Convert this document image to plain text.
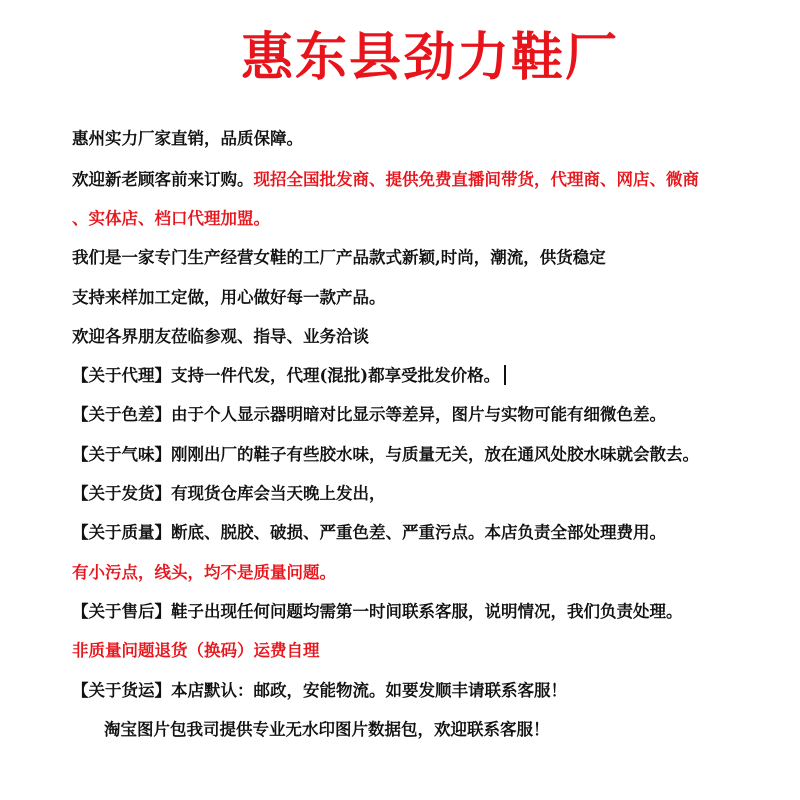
惠东县劲力鞋厂
惠州实力厂家直销，品质保障。
欢迎新老顾客前来订购。现招全国批发商、提供免费直播间带货，代理商、网店、微商
、实体店、档口代理加盟。
我们是一家专门生产经营女鞋的工厂产品款式新颖,时尚，潮流，供货稳定
支持来样加工定做，用心做好每一款产品。
欢迎各界朋友莅临参观、指导、业务洽谈
【关于代理】支持一件代发，代理(混批)都享受批发价格。
【关于色差】由于个人显示器明暗对比显示等差异，图片与实物可能有细微色差。
【关于气味】刚刚出厂的鞋子有些胶水味，与质量无关，放在通风处胶水味就会散去。
【关于发货】有现货仓库会当天晚上发出，
【关于质量】断底、脱胶、破损、严重色差、严重污点。本店负责全部处理费用。
有小污点，线头，均不是质量问题。
【关于售后】鞋子出现任何问题均需第一时间联系客服，说明情况，我们负责处理。
非质量问题退货（换码）运费自理
【关于货运】本店默认：邮政，安能物流。如要发顺丰请联系客服！
淘宝图片包我司提供专业无水印图片数据包，欢迎联系客服！
